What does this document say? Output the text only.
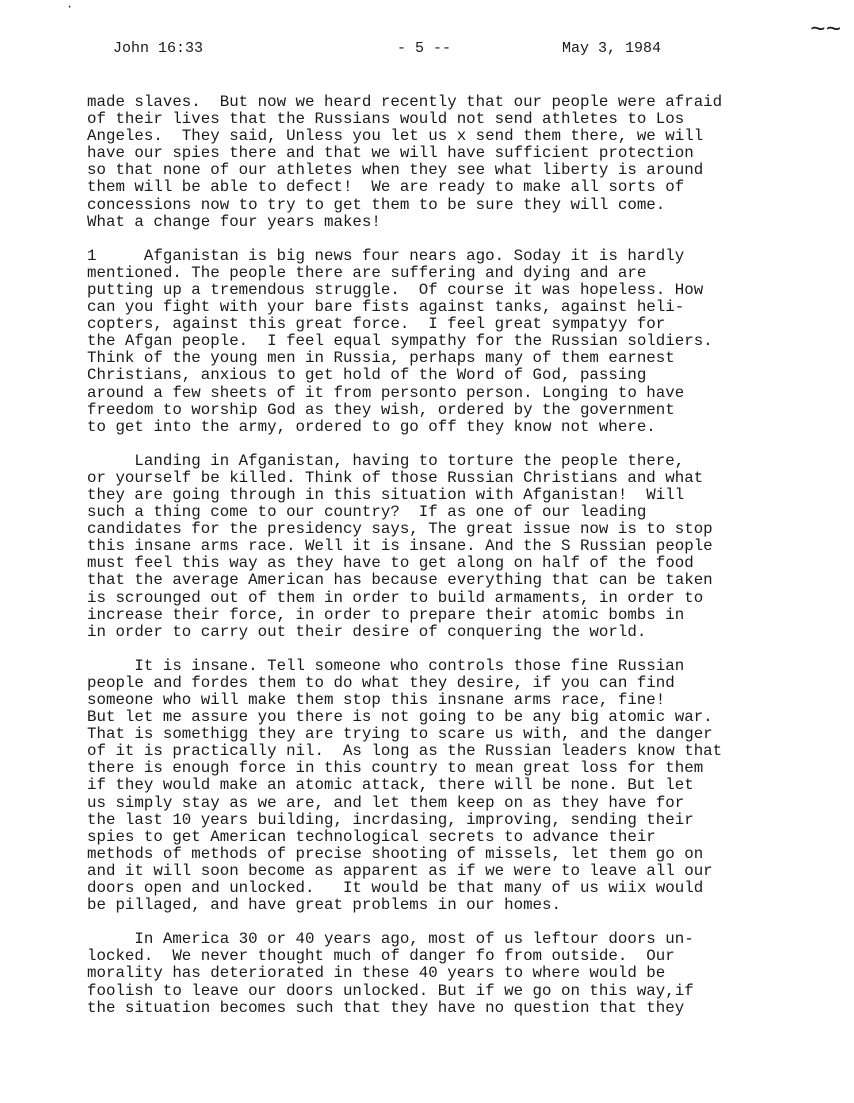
·
~~
John 16:33	- 5 --	May 3, 1984
made slaves.  But now we heard recently that our people were afraid
of their lives that the Russians would not send athletes to Los
Angeles.  They said, Unless you let us x send them there, we will
have our spies there and that we will have sufficient protection
so that none of our athletes when they see what liberty is around
them will be able to defect!  We are ready to make all sorts of
concessions now to try to get them to be sure they will come.
What a change four years makes!
1     Afganistan is big news four nears ago. Soday it is hardly
mentioned. The people there are suffering and dying and are
putting up a tremendous struggle.  Of course it was hopeless. How
can you fight with your bare fists against tanks, against heli-
copters, against this great force.  I feel great sympatyy for
the Afgan people.  I feel equal sympathy for the Russian soldiers.
Think of the young men in Russia, perhaps many of them earnest
Christians, anxious to get hold of the Word of God, passing
around a few sheets of it from personto person. Longing to have
freedom to worship God as they wish, ordered by the government
to get into the army, ordered to go off they know not where.
Landing in Afganistan, having to torture the people there,
or yourself be killed. Think of those Russian Christians and what
they are going through in this situation with Afganistan!  Will
such a thing come to our country?  If as one of our leading
candidates for the presidency says, The great issue now is to stop
this insane arms race. Well it is insane. And the S Russian people
must feel this way as they have to get along on half of the food
that the average American has because everything that can be taken
is scrounged out of them in order to build armaments, in order to
increase their force, in order to prepare their atomic bombs in
in order to carry out their desire of conquering the world.
It is insane. Tell someone who controls those fine Russian
people and fordes them to do what they desire, if you can find
someone who will make them stop this insnane arms race, fine!
But let me assure you there is not going to be any big atomic war.
That is somethigg they are trying to scare us with, and the danger
of it is practically nil.  As long as the Russian leaders know that
there is enough force in this country to mean great loss for them
if they would make an atomic attack, there will be none. But let
us simply stay as we are, and let them keep on as they have for
the last 10 years building, incrdasing, improving, sending their
spies to get American technological secrets to advance their
methods of methods of precise shooting of missels, let them go on
and it will soon become as apparent as if we were to leave all our
doors open and unlocked.   It would be that many of us wiix would
be pillaged, and have great problems in our homes.
In America 30 or 40 years ago, most of us leftour doors un-
locked.  We never thought much of danger fo from outside.  Our
morality has deteriorated in these 40 years to where would be
foolish to leave our doors unlocked. But if we go on this way,if
the situation becomes such that they have no question that they
